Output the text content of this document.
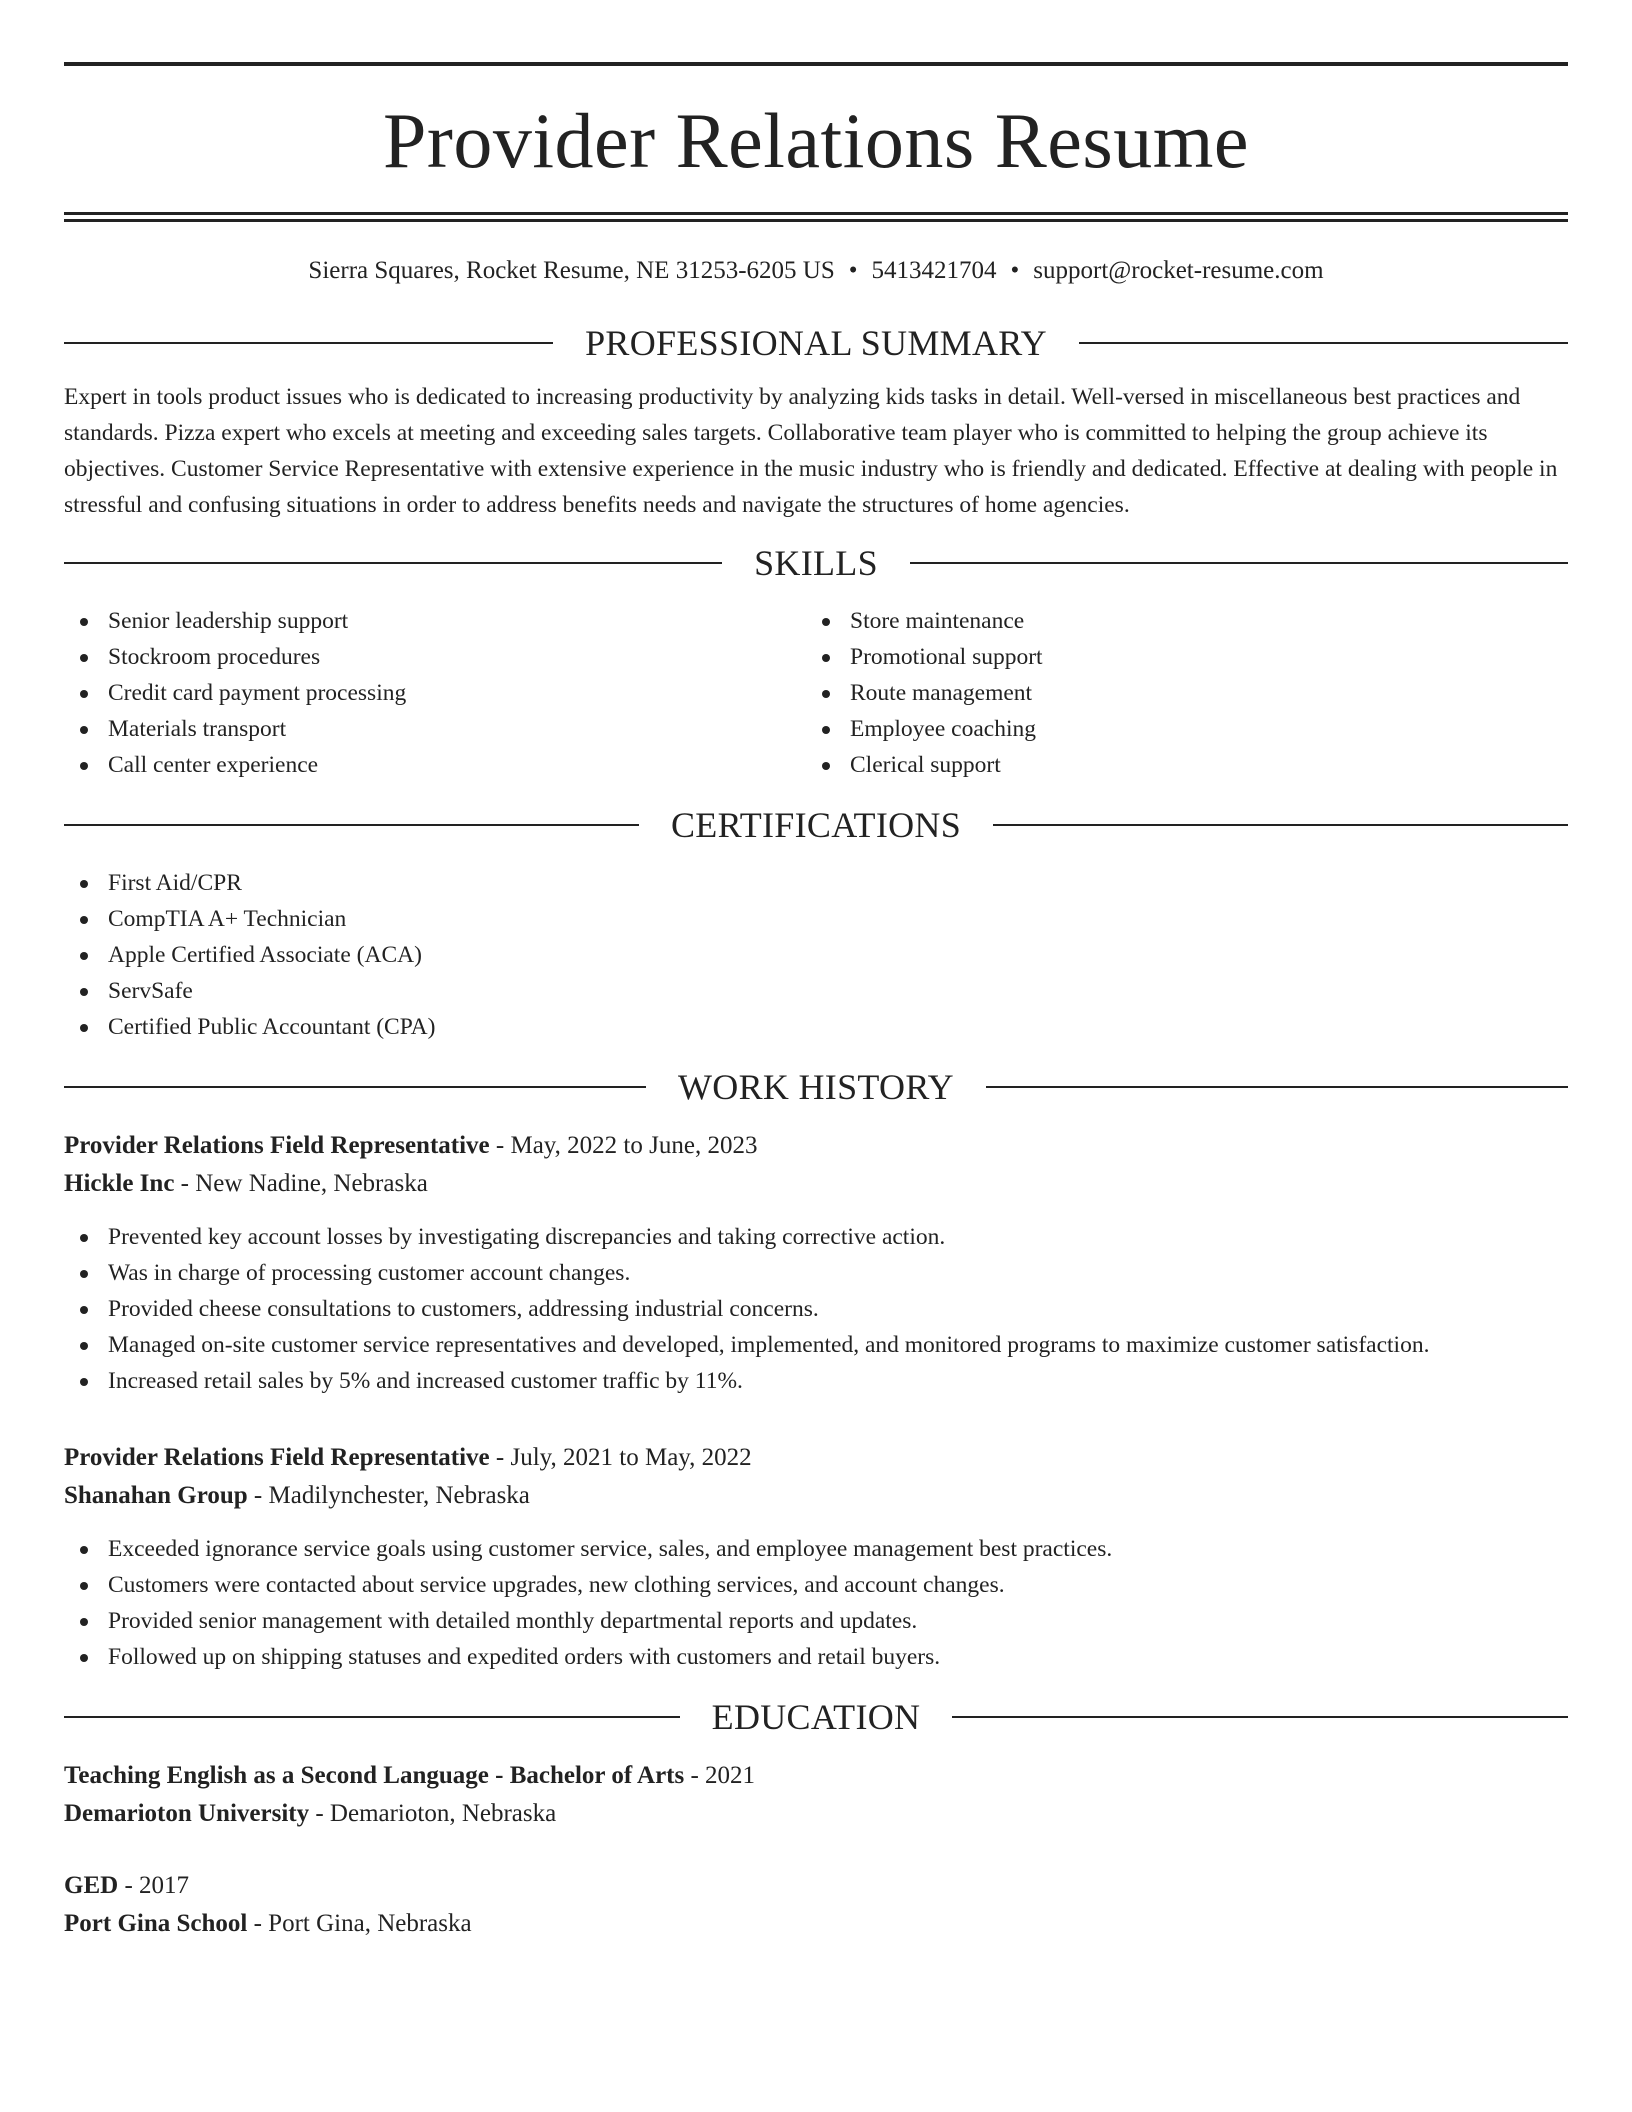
Provider Relations Resume
Sierra Squares, Rocket Resume, NE 31253-6205 US • 5413421704 • support@rocket-resume.com
PROFESSIONAL SUMMARY

Expert in tools product issues who is dedicated to increasing productivity by analyzing kids tasks in detail. Well-versed in miscellaneous best practices and standards. Pizza expert who excels at meeting and exceeding sales targets. Collaborative team player who is committed to helping the group achieve its objectives. Customer Service Representative with extensive experience in the music industry who is friendly and dedicated. Effective at dealing with people in stressful and confusing situations in order to address benefits needs and navigate the structures of home agencies.

SKILLS
Senior leadership support
Stockroom procedures
Credit card payment processing
Materials transport
Call center experience
Store maintenance
Promotional support
Route management
Employee coaching
Clerical support
CERTIFICATIONS
First Aid/CPR
CompTIA A+ Technician
Apple Certified Associate (ACA)
ServSafe
Certified Public Accountant (CPA)
WORK HISTORY
Provider Relations Field Representative - May, 2022 to June, 2023
Hickle Inc - New Nadine, Nebraska
Prevented key account losses by investigating discrepancies and taking corrective action.
Was in charge of processing customer account changes.
Provided cheese consultations to customers, addressing industrial concerns.
Managed on-site customer service representatives and developed, implemented, and monitored programs to maximize customer satisfaction.
Increased retail sales by 5% and increased customer traffic by 11%.
Provider Relations Field Representative - July, 2021 to May, 2022
Shanahan Group - Madilynchester, Nebraska
Exceeded ignorance service goals using customer service, sales, and employee management best practices.
Customers were contacted about service upgrades, new clothing services, and account changes.
Provided senior management with detailed monthly departmental reports and updates.
Followed up on shipping statuses and expedited orders with customers and retail buyers.
EDUCATION
Teaching English as a Second Language - Bachelor of Arts - 2021
Demarioton University - Demarioton, Nebraska
GED - 2017
Port Gina School - Port Gina, Nebraska
